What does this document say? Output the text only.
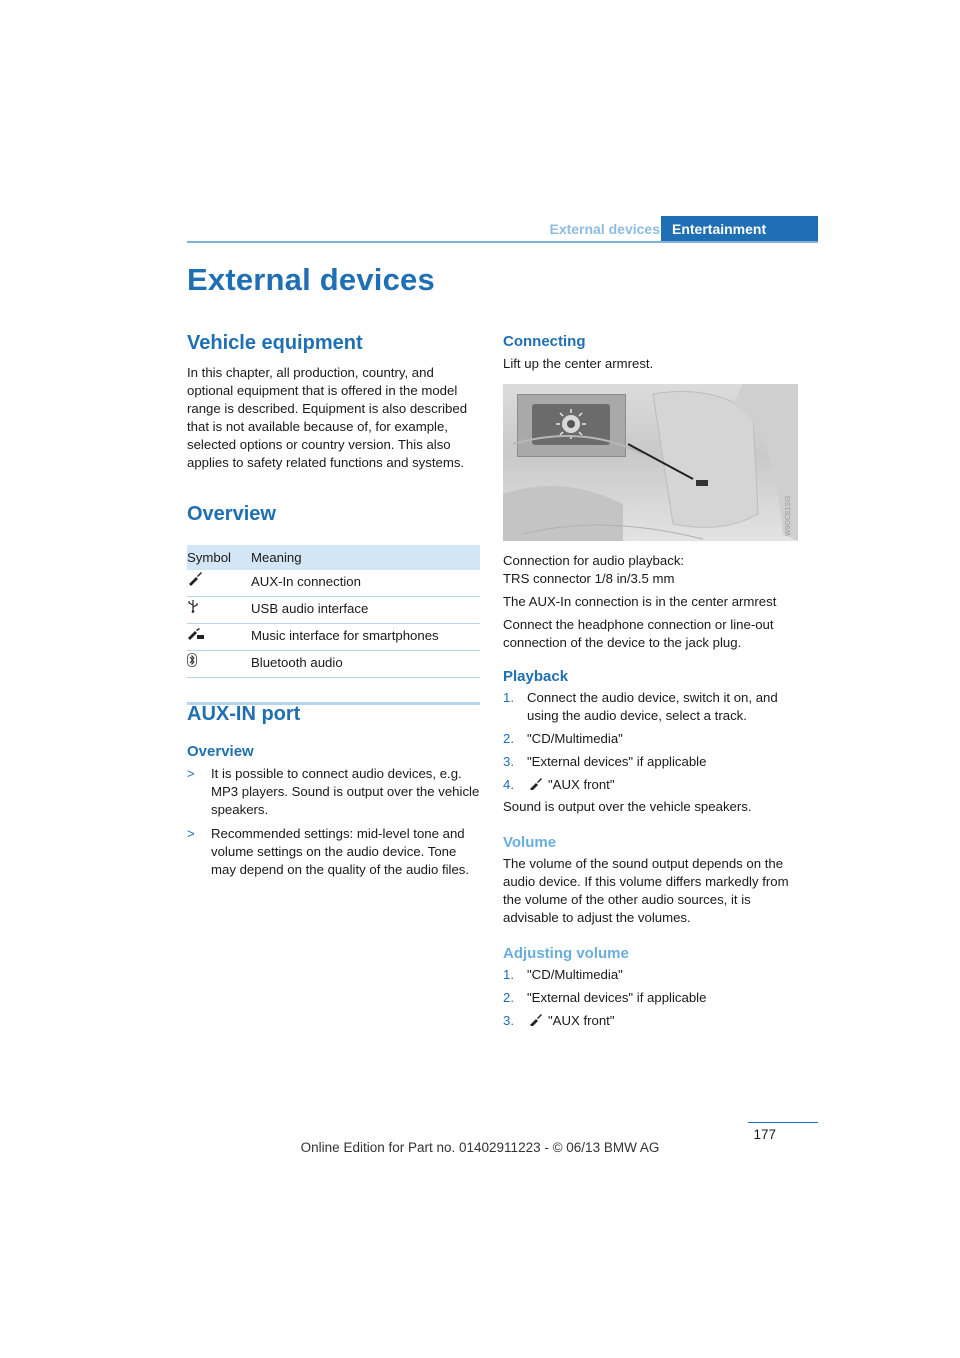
External devices Entertainment
External devices
Vehicle equipment

In this chapter, all production, country, and optional equipment that is offered in the model range is described. Equipment is also described that is not available because of, for example, selected options or country version. This also applies to safety related functions and systems.

Overview
Symbol	Meaning
AUX-In connection
USB audio interface
Music interface for smartphones
Bluetooth audio
AUX-IN port
Overview
>	It is possible to connect audio devices, e.g. MP3 players. Sound is output over the vehicle speakers.
>	Recommended settings: mid-level tone and volume settings on the audio device. Tone may depend on the quality of the audio files.
Connecting

Lift up the center armrest.

W9OCE1SI3

Connection for audio playback:

TRS connector 1/8 in/3.5 mm

The AUX-In connection is in the center armrest

Connect the headphone connection or line-out connection of the device to the jack plug.

Playback
1. Connect the audio device, switch it on, and using the audio device, select a track.
2. "CD/Multimedia"
3. "External devices" if applicable
4.	"AUX front"

Sound is output over the vehicle speakers.

Volume

The volume of the sound output depends on the audio device. If this volume differs markedly from the volume of the other audio sources, it is advisable to adjust the volumes.

Adjusting volume
1. "CD/Multimedia"
2. "External devices" if applicable
3.	"AUX front"
177
Online Edition for Part no. 01402911223 - © 06/13 BMW AG
